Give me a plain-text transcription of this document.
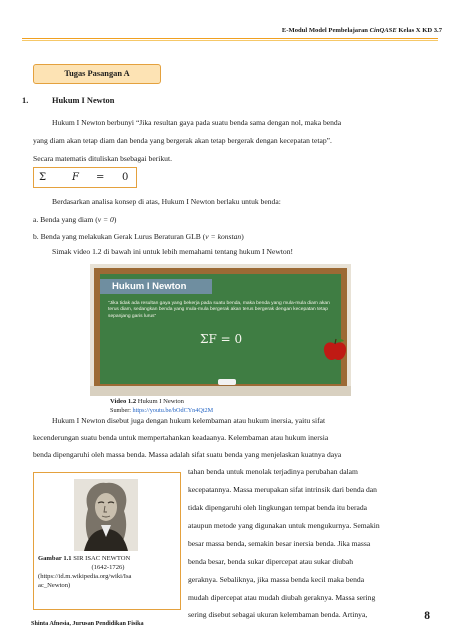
E-Modul Model Pembelajaran CinQASE Kelas X KD 3.7
Tugas Pasangan A
1.	Hukum I Newton
Hukum I Newton berbunyi “Jika resultan gaya pada suatu benda sama dengan nol, maka benda
yang diam akan tetap diam dan benda yang bergerak akan tetap bergerak dengan kecepatan tetap”.
Secara matematis dituliskan bsebagai berikut.
Σ	F = 0
Berdasarkan analisa konsep di atas, Hukum I Newton berlaku untuk benda:
a. Benda yang diam (v = 0)
b. Benda yang melakukan Gerak Lurus Beraturan GLB (v = konstan)
Simak video 1.2 di bawah ini untuk lebih memahami tentang hukum I Newton!
Hukum I Newton
“Jika tidak ada resultan gaya yang bekerja pada suatu benda, maka benda yang mula-mula diam akan terus diam, sedangkan benda yang mula-mula bergerak akan terus bergerak dengan kecepatan tetap sepanjang garis lurus”
ΣF = 0
Video 1.2 Hukum I Newton
Sumber: https://youtu.be/bOdCYn4Qt2M
Hukum I Newton disebut juga dengan hukum kelembaman atau hukum inersia, yaitu sifat
kecenderungan suatu benda untuk mempertahankan keadaanya. Kelembaman atau hukum inersia
benda dipengaruhi oleh massa benda. Massa adalah sifat suatu benda yang menjelaskan kuatnya daya
Gambar 1.1 SIR ISAC NEWTON
(1642-1726)
(https://id.m.wikipedia.org/wiki/Isa
ac_Newton)
tahan benda untuk menolak terjadinya perubahan dalam
kecepatannya. Massa merupakan sifat intrinsik dari benda dan
tidak dipengaruhi oleh lingkungan tempat benda itu berada
ataupun metode yang digunakan untuk mengukurnya. Semakin
besar massa benda, semakin besar inersia benda. Jika massa
benda besar, benda sukar dipercepat atau sukar diubah
geraknya. Sebaliknya, jika massa benda kecil maka benda
mudah dipercepat atau mudah diubah geraknya. Massa sering
sering disebut sebagai ukuran kelembaman benda. Artinya,
Shinta Afnesia, Jurusan Pendidikan Fisika
8
